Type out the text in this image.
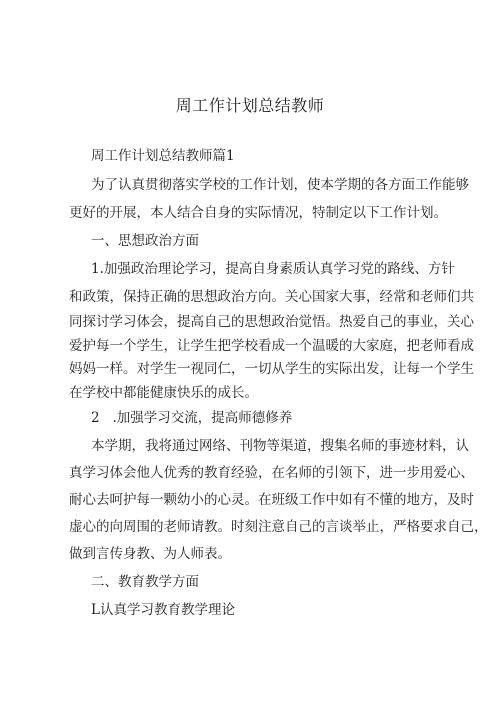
周工作计划总结教师
周工作计划总结教师篇1
为了认真贯彻落实学校的工作计划，使本学期的各方面工作能够
更好的开展，本人结合自身的实际情况，特制定以下工作计划。
一、思想政治方面
1.加强政治理论学习，提高自身素质认真学习党的路线、方针
和政策，保持正确的思想政治方向。关心国家大事，经常和老师们共
同探讨学习体会，提高自己的思想政治觉悟。热爱自己的事业，关心
爱护每一个学生，让学生把学校看成一个温暖的大家庭，把老师看成
妈妈一样。对学生一视同仁，一切从学生的实际出发，让每一个学生
在学校中都能健康快乐的成长。
2   .加强学习交流，提高师德修养
本学期，我将通过网络、刊物等渠道，搜集名师的事迹材料，认
真学习体会他人优秀的教育经验，在名师的引领下，进一步用爱心、
耐心去呵护每一颗幼小的心灵。在班级工作中如有不懂的地方，及时
虚心的向周围的老师请教。时刻注意自己的言谈举止，严格要求自己，
做到言传身教、为人师表。
二、教育教学方面
L认真学习教育教学理论
